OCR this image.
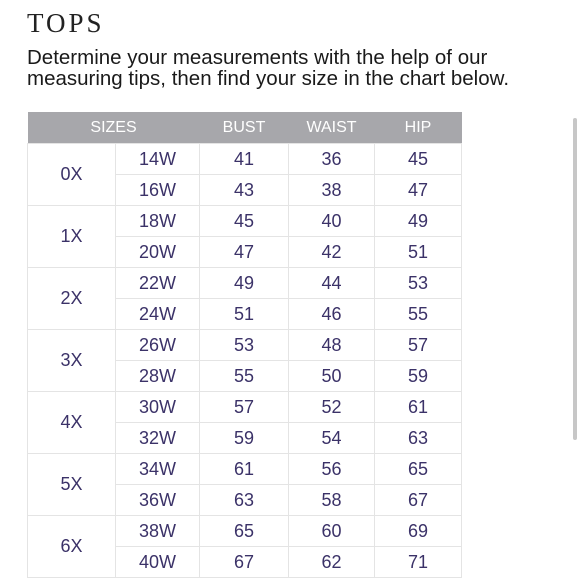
TOPS

Determine your measurements with the help of our measuring tips, then find your size in the chart below.

SIZES		BUST	WAIST	HIP
0X	14W	41	36	45
	16W	43	38	47
1X	18W	45	40	49
	20W	47	42	51
2X	22W	49	44	53
	24W	51	46	55
3X	26W	53	48	57
	28W	55	50	59
4X	30W	57	52	61
	32W	59	54	63
5X	34W	61	56	65
	36W	63	58	67
6X	38W	65	60	69
	40W	67	62	71
